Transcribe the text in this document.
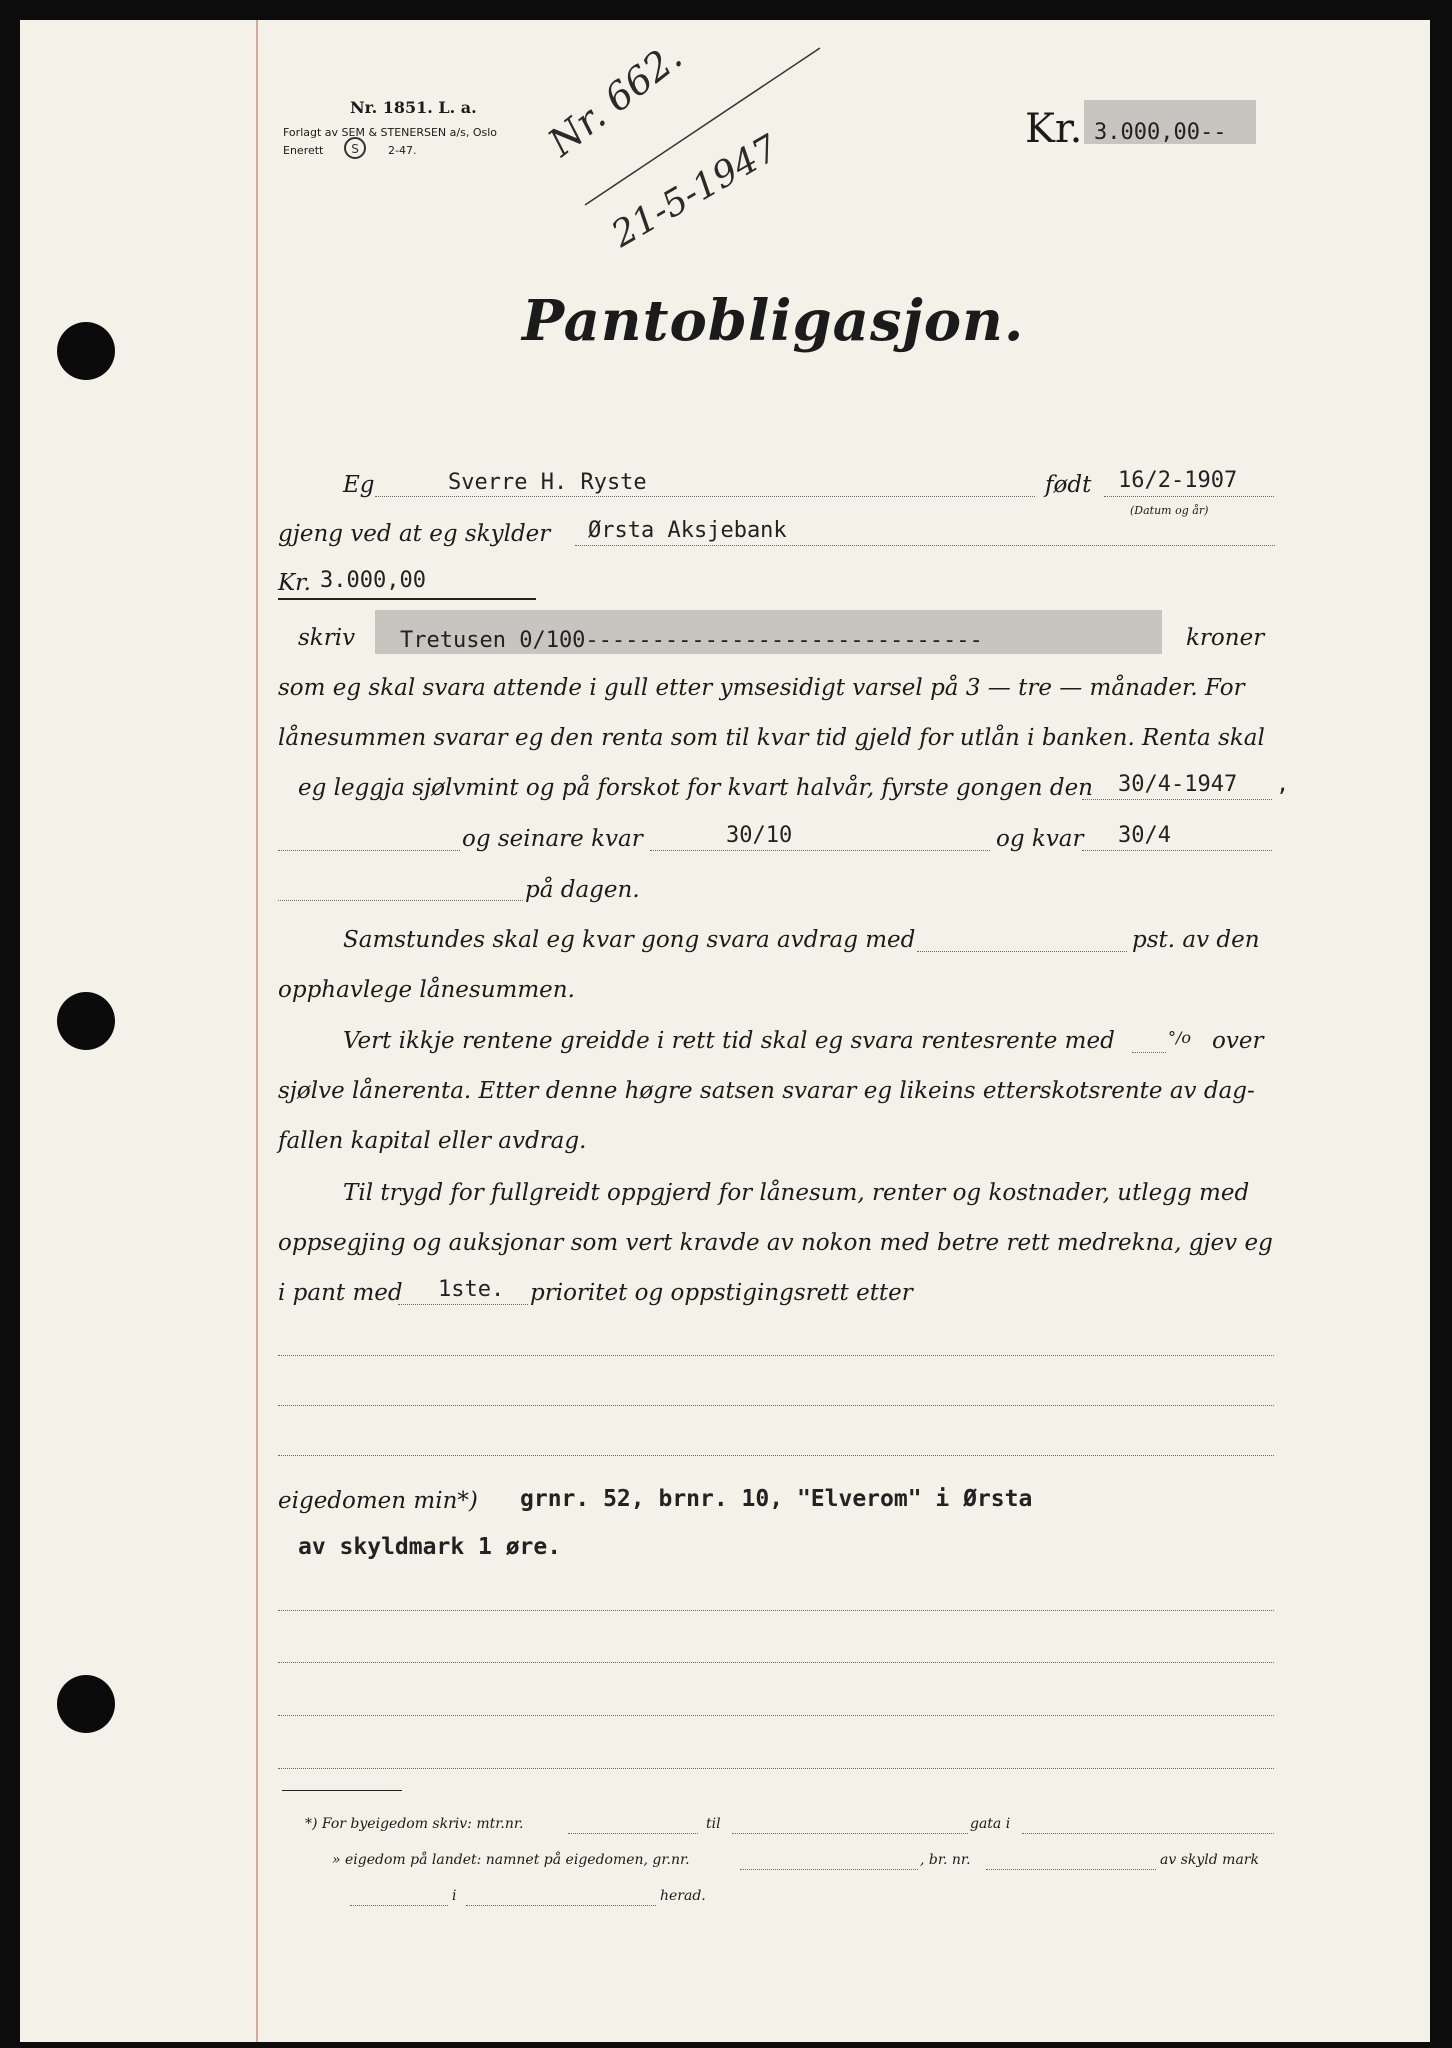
Nr. 1851. L. a.
Forlagt av SEM & STENERSEN a/s, Oslo
Enerett S	2-47.	Nr. 662.
21-5-1947	Kr. 3.000,00--
Pantobligasjon.
Eg	Sverre H. Ryste	født 16/2-1907
(Datum og år)
gjeng ved at eg skylder Ørsta Aksjebank
Kr. 3.000,00
skriv Tretusen 0/100------------------------------	kroner
som eg skal svara attende i gull etter ymsesidigt varsel på 3 — tre — månader. For
lånesummen svarar eg den renta som til kvar tid gjeld for utlån i banken. Renta skal
eg leggja sjølvmint og på forskot for kvart halvår, fyrste gongen den 30/4-1947 ,
og seinare kvar	30/10	og kvar 30/4
på dagen.
Samstundes skal eg kvar gong svara avdrag med	pst. av den
opphavlege lånesummen.
Vert ikkje rentene greidde i rett tid skal eg svara rentesrente med	°/o over
sjølve lånerenta. Etter denne høgre satsen svarar eg likeins etterskotsrente av dag-
fallen kapital eller avdrag.
Til trygd for fullgreidt oppgjerd for lånesum, renter og kostnader, utlegg med
oppsegjing og auksjonar som vert kravde av nokon med betre rett medrekna, gjev eg
i pant med 1ste. prioritet og oppstigingsrett etter
eigedomen min*) grnr. 52, brnr. 10, "Elverom" i Ørsta
av skyldmark 1 øre.
*) For byeigedom skriv: mtr.nr.	til	gata i
» eigedom på landet: namnet på eigedomen, gr.nr.	, br. nr.	av skyld mark
i	herad.
